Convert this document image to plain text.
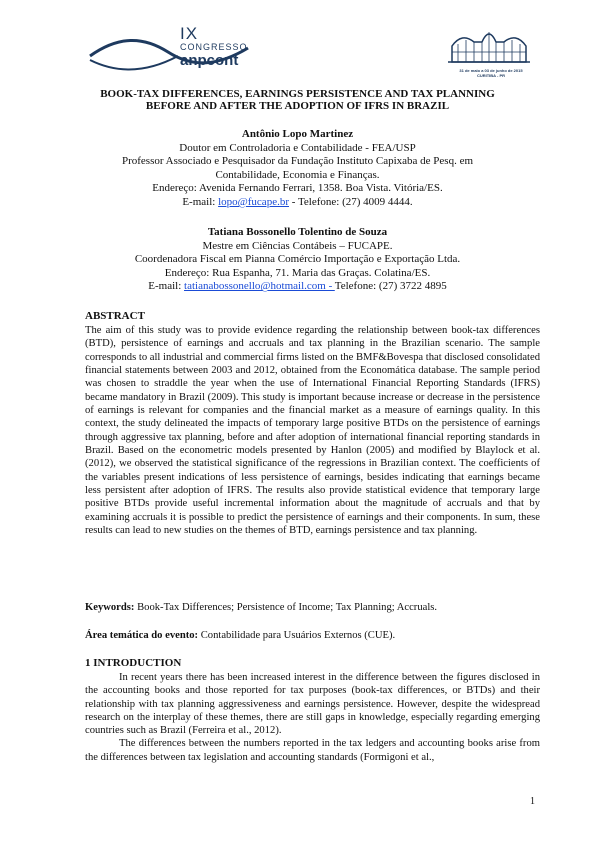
IX
CONGRESSO
anpcont
31 de maio a 03 de junho de 2015
CURITIBA - PR
BOOK-TAX DIFFERENCES, EARNINGS PERSISTENCE AND TAX PLANNING
BEFORE AND AFTER THE ADOPTION OF IFRS IN BRAZIL
Antônio Lopo Martinez
Doutor em Controladoria e Contabilidade - FEA/USP
Professor Associado e Pesquisador da Fundação Instituto Capixaba de Pesq. em
Contabilidade, Economia e Finanças.
Endereço: Avenida Fernando Ferrari, 1358. Boa Vista. Vitória/ES.
E-mail: lopo@fucape.br - Telefone: (27) 4009 4444.
Tatiana Bossonello Tolentino de Souza
Mestre em Ciências Contábeis – FUCAPE.
Coordenadora Fiscal em Pianna Comércio Importação e Exportação Ltda.
Endereço: Rua Espanha, 71. Maria das Graças. Colatina/ES.
E-mail: tatianabossonello@hotmail.com - Telefone: (27) 3722 4895
ABSTRACT

The aim of this study was to provide evidence regarding the relationship between book-tax differences (BTD), persistence of earnings and accruals and tax planning in the Brazilian scenario. The sample corresponds to all industrial and commercial firms listed on the BMF&Bovespa that disclosed consolidated financial statements between 2003 and 2012, obtained from the Economática database. The sample period was chosen to straddle the year when the use of International Financial Reporting Standards (IFRS) became mandatory in Brazil (2009). This study is important because increase or decrease in the persistence of earnings is relevant for companies and the financial market as a measure of earnings quality. In this context, the study delineated the impacts of temporary large positive BTDs on the persistence of earnings through aggressive tax planning, before and after adoption of international financial reporting standards in Brazil. Based on the econometric models presented by Hanlon (2005) and modified by Blaylock et al. (2012), we observed the statistical significance of the regressions in Brazilian context. The coefficients of the variables present indications of less persistence of earnings, besides indicating that earnings became less persistent after adoption of IFRS. The results also provide statistical evidence that temporary large positive BTDs provide useful incremental information about the magnitude of accruals and that by examining accruals it is possible to predict the persistence of earnings and their components. In sum, these results can lead to new studies on the themes of BTD, earnings persistence and tax planning.

Keywords: Book-Tax Differences; Persistence of Income; Tax Planning; Accruals.
Área temática do evento: Contabilidade para Usuários Externos (CUE).
1 INTRODUCTION

In recent years there has been increased interest in the difference between the figures disclosed in the accounting books and those reported for tax purposes (book-tax differences, or BTDs) and their relationship with tax planning aggressiveness and earnings persistence. However, despite the widespread research on the interplay of these themes, there are still gaps in knowledge, especially regarding emerging countries such as Brazil (Ferreira et al., 2012).

The differences between the numbers reported in the tax ledgers and accounting books arise from the differences between tax legislation and accounting standards (Formigoni et al.,

1
